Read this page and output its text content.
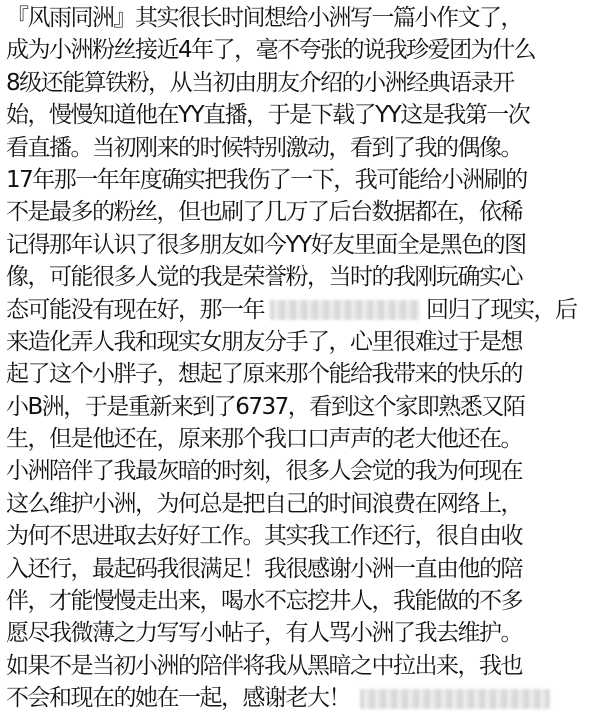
『风雨同洲』其实很长时间想给小洲写一篇小作文了，
成为小洲粉丝接近4年了，毫不夸张的说我珍爱团为什么
8级还能算铁粉，从当初由朋友介绍的小洲经典语录开
始，慢慢知道他在YY直播，于是下载了YY这是我第一次
看直播。当初刚来的时候特别激动，看到了我的偶像。
17年那一年年度确实把我伤了一下，我可能给小洲刷的
不是最多的粉丝，但也刷了几万了后台数据都在，依稀
记得那年认识了很多朋友如今YY好友里面全是黑色的图
像，可能很多人觉的我是荣誉粉，当时的我刚玩确实心
态可能没有现在好，那一年	回归了现实，后
来造化弄人我和现实女朋友分手了，心里很难过于是想
起了这个小胖子，想起了原来那个能给我带来的快乐的
小B洲，于是重新来到了6737，看到这个家即熟悉又陌
生，但是他还在，原来那个我口口声声的老大他还在。
小洲陪伴了我最灰暗的时刻，很多人会觉的我为何现在
这么维护小洲，为何总是把自己的时间浪费在网络上，
为何不思进取去好好工作。其实我工作还行，很自由收
入还行，最起码我很满足！我很感谢小洲一直由他的陪
伴，才能慢慢走出来，喝水不忘挖井人，我能做的不多
愿尽我微薄之力写写小帖子，有人骂小洲了我去维护。
如果不是当初小洲的陪伴将我从黑暗之中拉出来，我也
不会和现在的她在一起，感谢老大！
